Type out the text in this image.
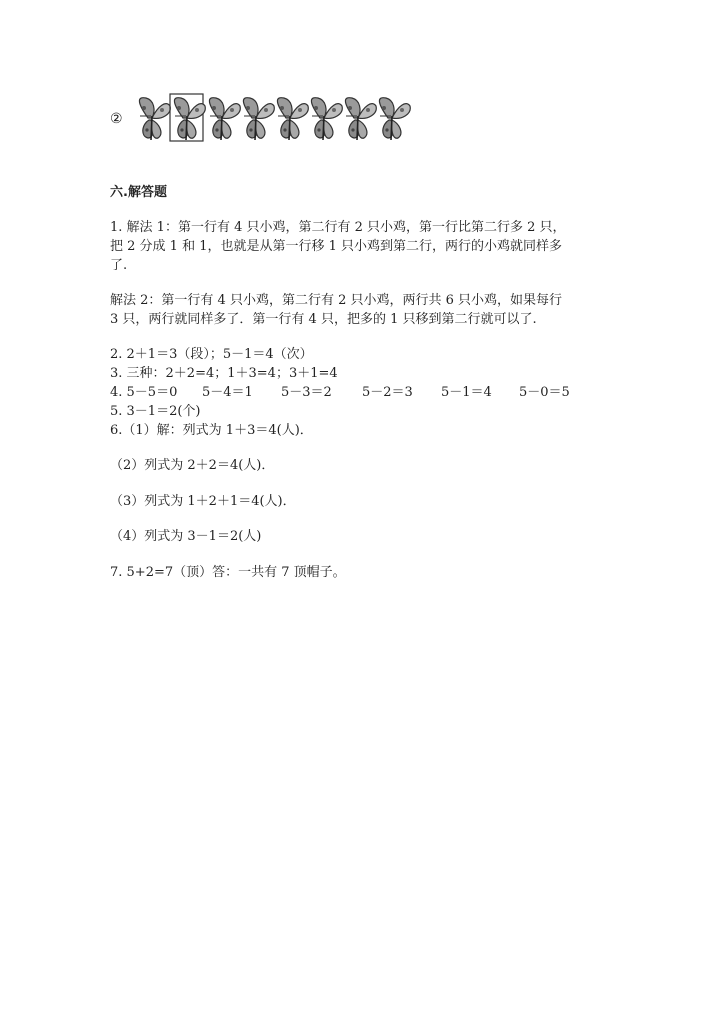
②
六.解答题
1. 解法 1：第一行有 4 只小鸡，第二行有 2 只小鸡，第一行比第二行多 2 只，
把 2 分成 1 和 1，也就是从第一行移 1 只小鸡到第二行，两行的小鸡就同样多
了.
解法 2：第一行有 4 只小鸡，第二行有 2 只小鸡，两行共 6 只小鸡，如果每行
3 只，两行就同样多了．第一行有 4 只，把多的 1 只移到第二行就可以了.
2. 2＋1＝3（段）；5－1＝4（次）
3. 三种：2＋2=4；1＋3=4；3＋1=4
4. 5－5＝0 5－4＝1 5－3＝2 5－2＝3 5－1＝4 5－0＝5
5. 3－1＝2(个)
6.（1）解：列式为 1＋3＝4(人)．
（2）列式为 2＋2＝4(人)．
（3）列式为 1＋2＋1＝4(人)．
（4）列式为 3－1＝2(人)
7. 5+2=7（顶）答：一共有 7 顶帽子。
